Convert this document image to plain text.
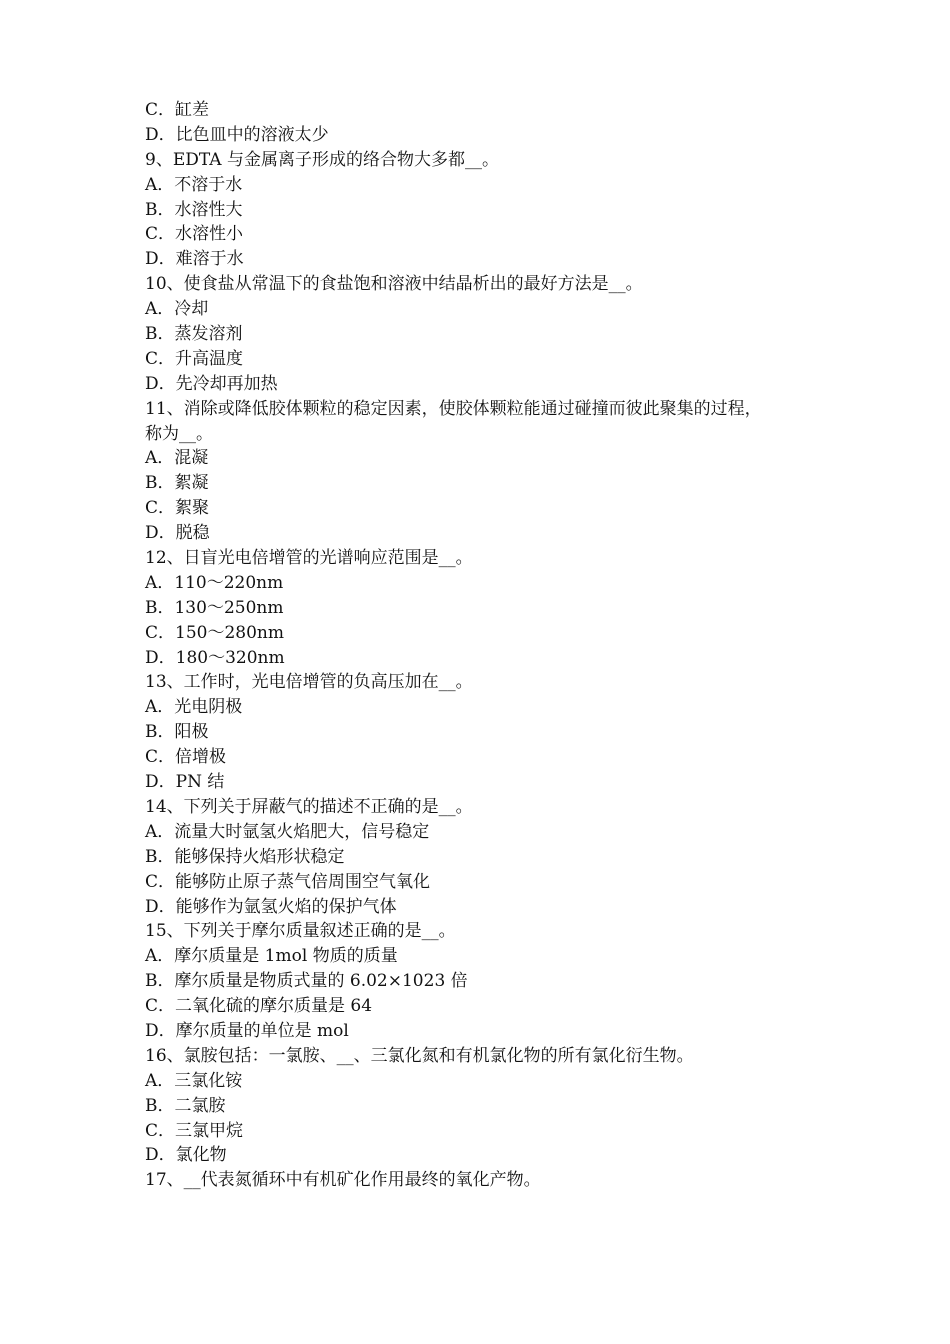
C．缸差
D．比色皿中的溶液太少
9、EDTA 与金属离子形成的络合物大多都__。
A．不溶于水
B．水溶性大
C．水溶性小
D．难溶于水
10、使食盐从常温下的食盐饱和溶液中结晶析出的最好方法是__。
A．冷却
B．蒸发溶剂
C．升高温度
D．先冷却再加热
11、消除或降低胶体颗粒的稳定因素，使胶体颗粒能通过碰撞而彼此聚集的过程，
称为__。
A．混凝
B．絮凝
C．絮聚
D．脱稳
12、日盲光电倍增管的光谱响应范围是__。
A．110～220nm
B．130～250nm
C．150～280nm
D．180～320nm
13、工作时，光电倍增管的负高压加在__。
A．光电阴极
B．阳极
C．倍增极
D．PN 结
14、下列关于屏蔽气的描述不正确的是__。
A．流量大时氩氢火焰肥大，信号稳定
B．能够保持火焰形状稳定
C．能够防止原子蒸气倍周围空气氧化
D．能够作为氩氢火焰的保护气体
15、下列关于摩尔质量叙述正确的是__。
A．摩尔质量是 1mol 物质的质量
B．摩尔质量是物质式量的 6.02×1023 倍
C．二氧化硫的摩尔质量是 64
D．摩尔质量的单位是 mol
16、氯胺包括：一氯胺、__、三氯化氮和有机氯化物的所有氯化衍生物。
A．三氯化铵
B．二氯胺
C．三氯甲烷
D．氯化物
17、__代表氮循环中有机矿化作用最终的氧化产物。
